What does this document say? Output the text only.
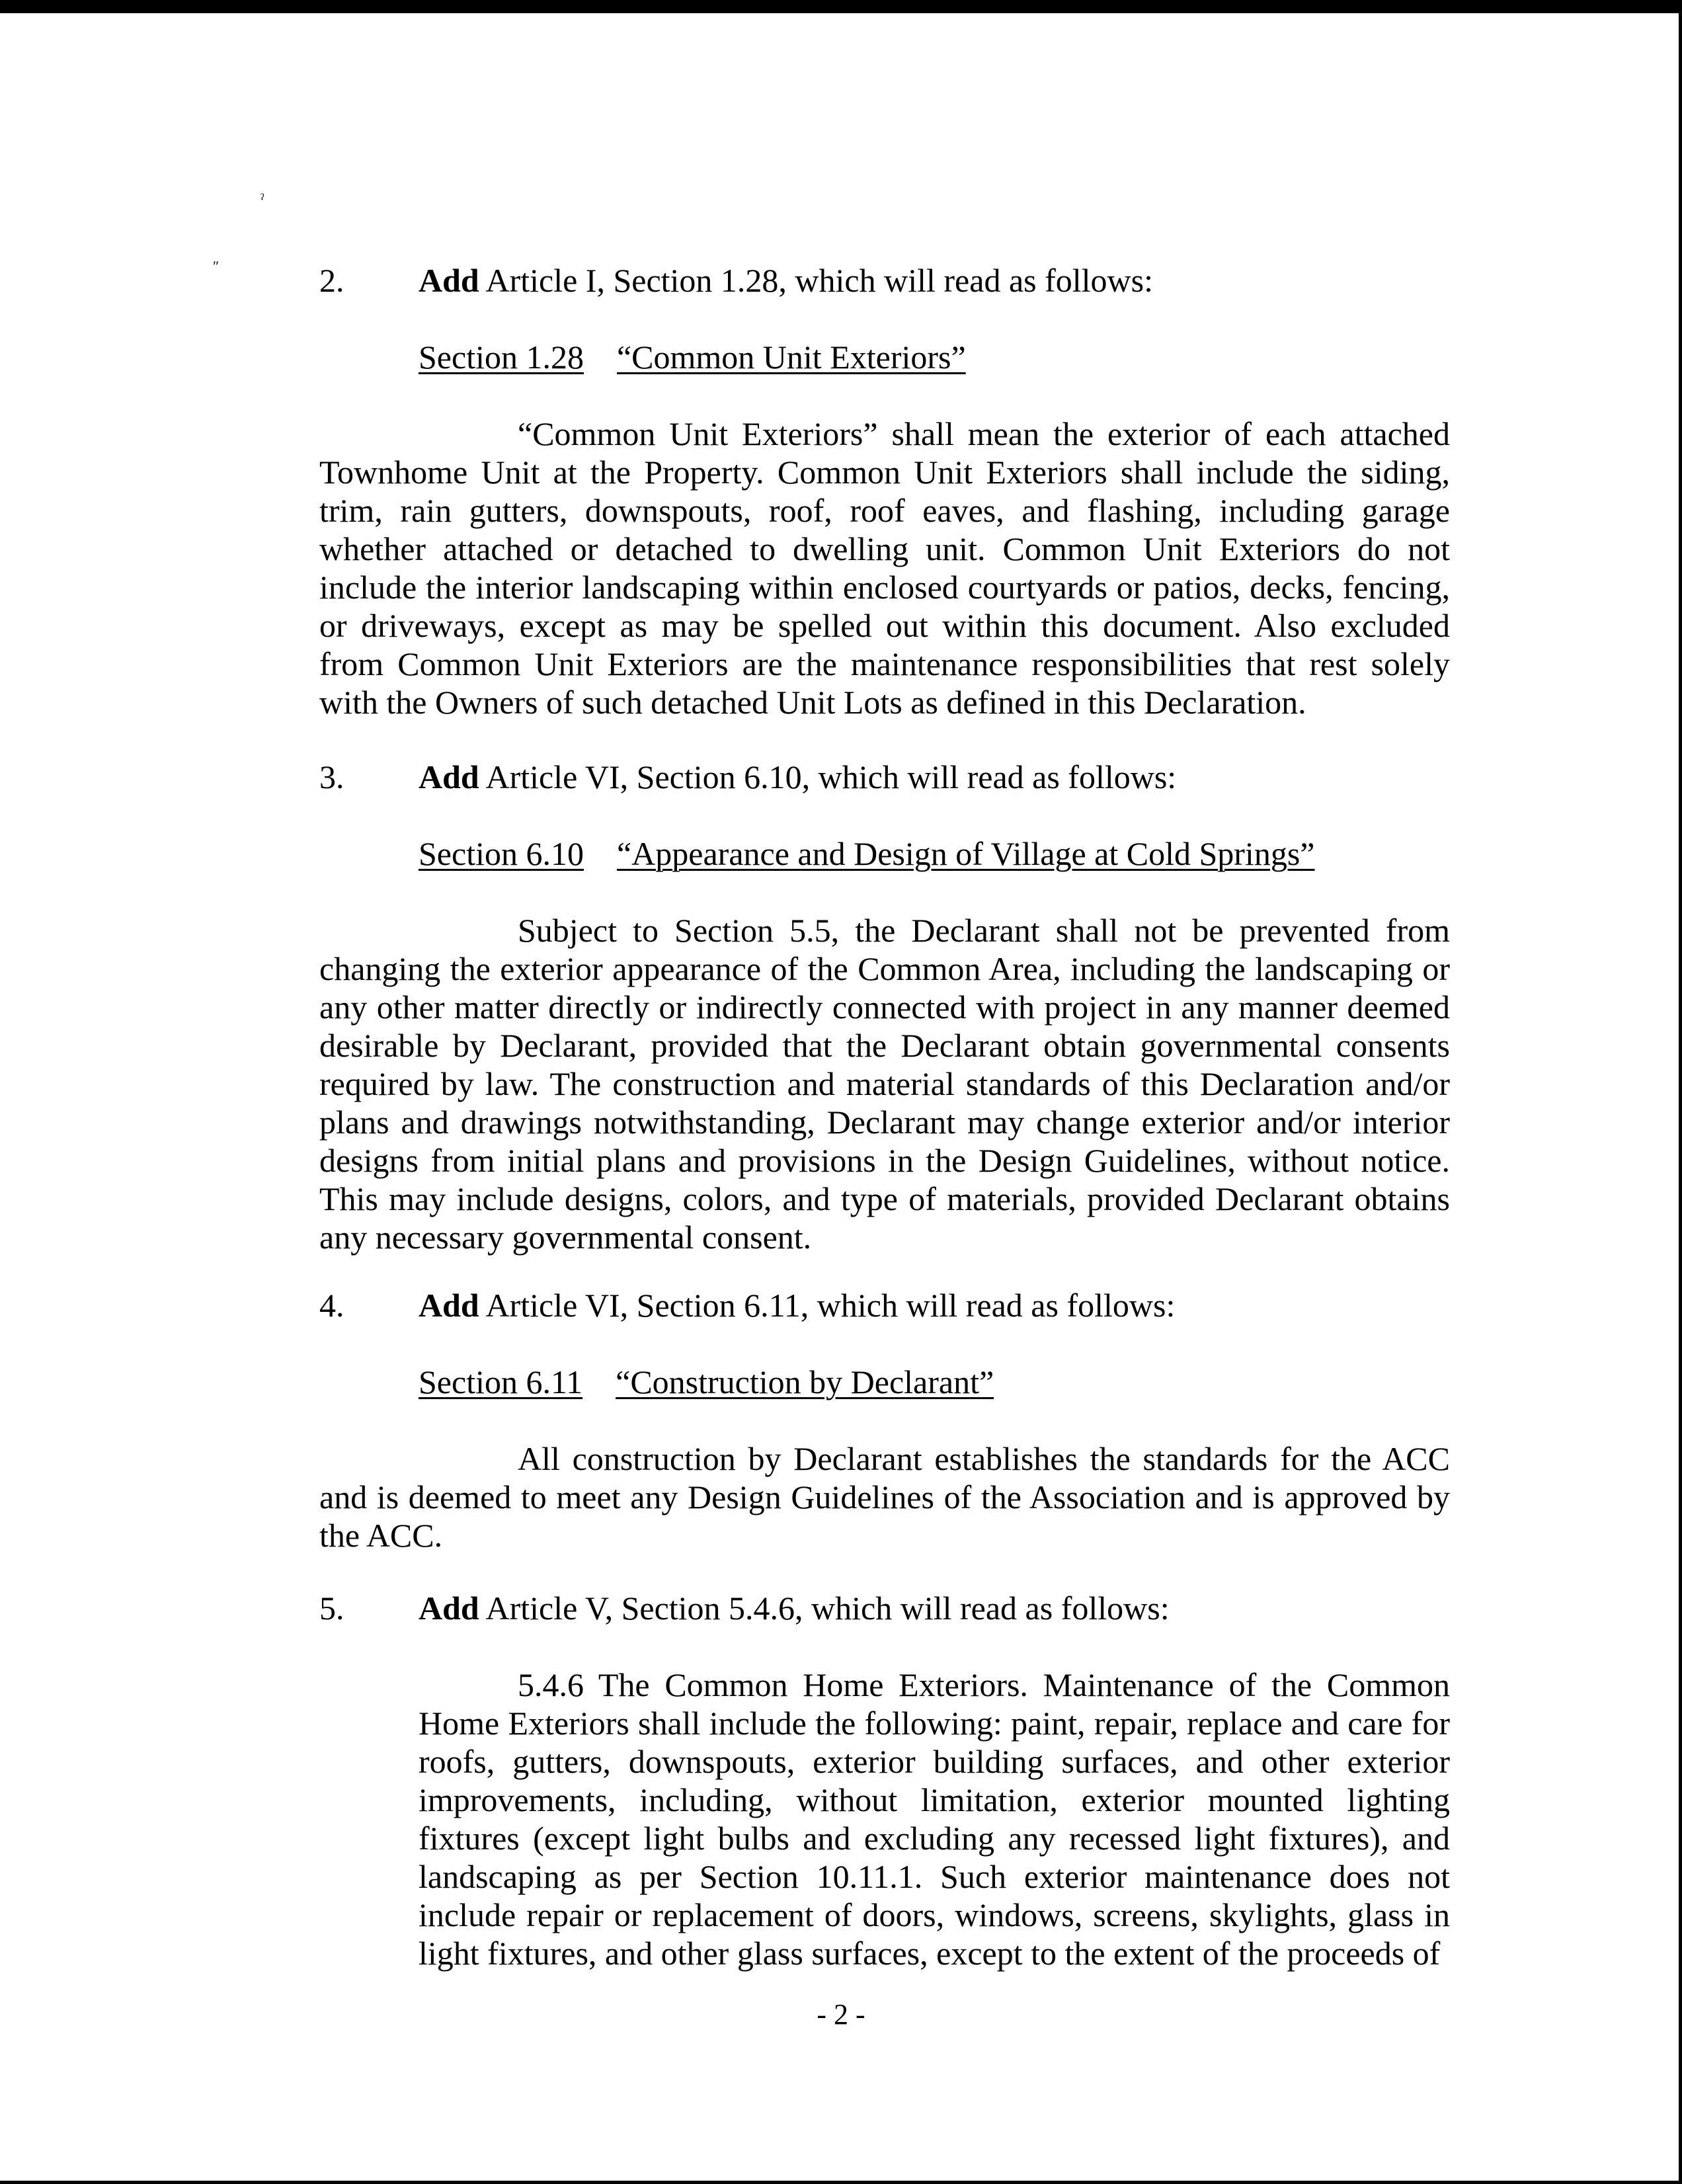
ˀ
″	2. Add Article I, Section 1.28, which will read as follows:
Section 1.28 “Common Unit Exteriors”
“Common Unit Exteriors” shall mean the exterior of each attached Townhome Unit at the Property. Common Unit Exteriors shall include the siding, trim, rain gutters, downspouts, roof, roof eaves, and flashing, including garage whether attached or detached to dwelling unit. Common Unit Exteriors do not include the interior landscaping within enclosed courtyards or patios, decks, fencing, or driveways, except as may be spelled out within this document. Also excluded from Common Unit Exteriors are the maintenance responsibilities that rest solely with the Owners of such detached Unit Lots as defined in this Declaration.
3. Add Article VI, Section 6.10, which will read as follows:
Section 6.10 “Appearance and Design of Village at Cold Springs”
Subject to Section 5.5, the Declarant shall not be prevented from changing the exterior appearance of the Common Area, including the landscaping or any other matter directly or indirectly connected with project in any manner deemed desirable by Declarant, provided that the Declarant obtain governmental consents required by law. The construction and material standards of this Declaration and/or plans and drawings notwithstanding, Declarant may change exterior and/or interior designs from initial plans and provisions in the Design Guidelines, without notice. This may include designs, colors, and type of materials, provided Declarant obtains any necessary governmental consent.
4. Add Article VI, Section 6.11, which will read as follows:
Section 6.11 “Construction by Declarant”
All construction by Declarant establishes the standards for the ACC and is deemed to meet any Design Guidelines of the Association and is approved by the ACC.
5. Add Article V, Section 5.4.6, which will read as follows:
5.4.6 The Common Home Exteriors. Maintenance of the Common Home Exteriors shall include the following: paint, repair, replace and care for roofs, gutters, downspouts, exterior building surfaces, and other exterior improvements, including, without limitation, exterior mounted lighting fixtures (except light bulbs and excluding any recessed light fixtures), and landscaping as per Section 10.11.1. Such exterior maintenance does not include repair or replacement of doors, windows, screens, skylights, glass in light fixtures, and other glass surfaces, except to the extent of the proceeds of
- 2 -
